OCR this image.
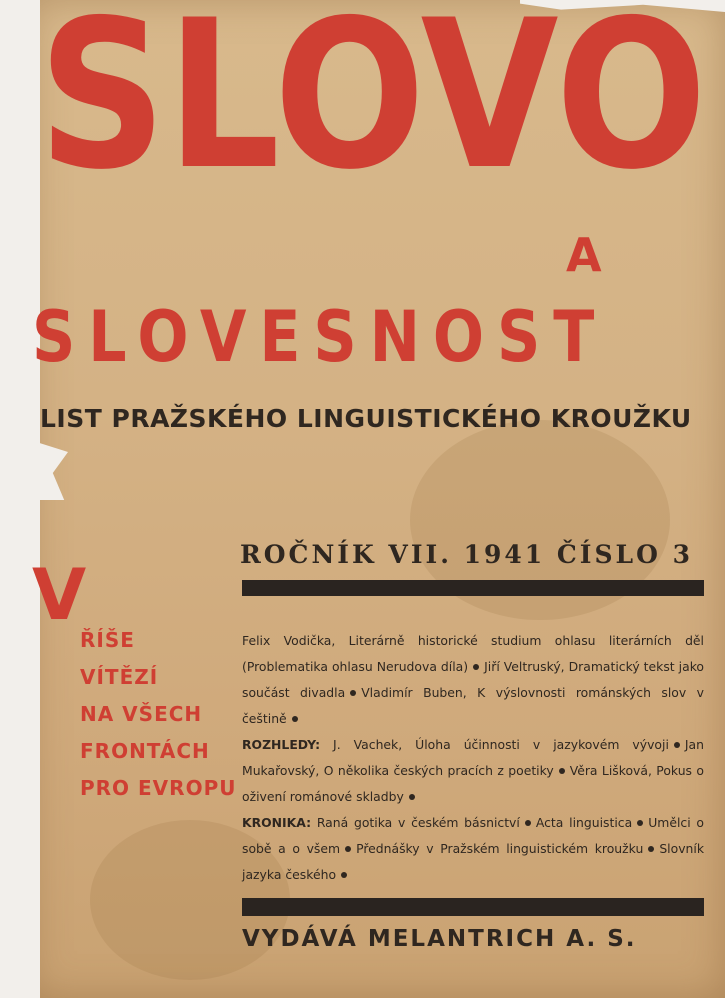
SLOVO
A
SLOVESNOST
LIST PRAŽSKÉHO LINGUISTICKÉHO KROUŽKU
ROČNÍK VII. 1941 ČÍSLO 3
V
ŘÍŠE
VÍTĚZÍ
NA VŠECH
FRONTÁCH
PRO EVROPU
Felix Vodička, Literárně historické studium ohlasu literárních děl (Problematika ohlasu Nerudova díla) Jiří Veltruský, Dramatický tekst jako součást divadla Vladimír Buben, K výslovnosti románských slov v češtině
ROZHLEDY: J. Vachek, Úloha účinnosti v jazykovém vývoji Jan Mukařovský, O několika českých pracích z poetiky Věra Lišková, Pokus o oživení románové skladby
KRONIKA: Raná gotika v českém básnictví Acta linguistica Umělci o sobě a o všem Přednášky v Pražském linguistickém kroužku Slovník jazyka českého
VYDÁVÁ MELANTRICH A. S.
